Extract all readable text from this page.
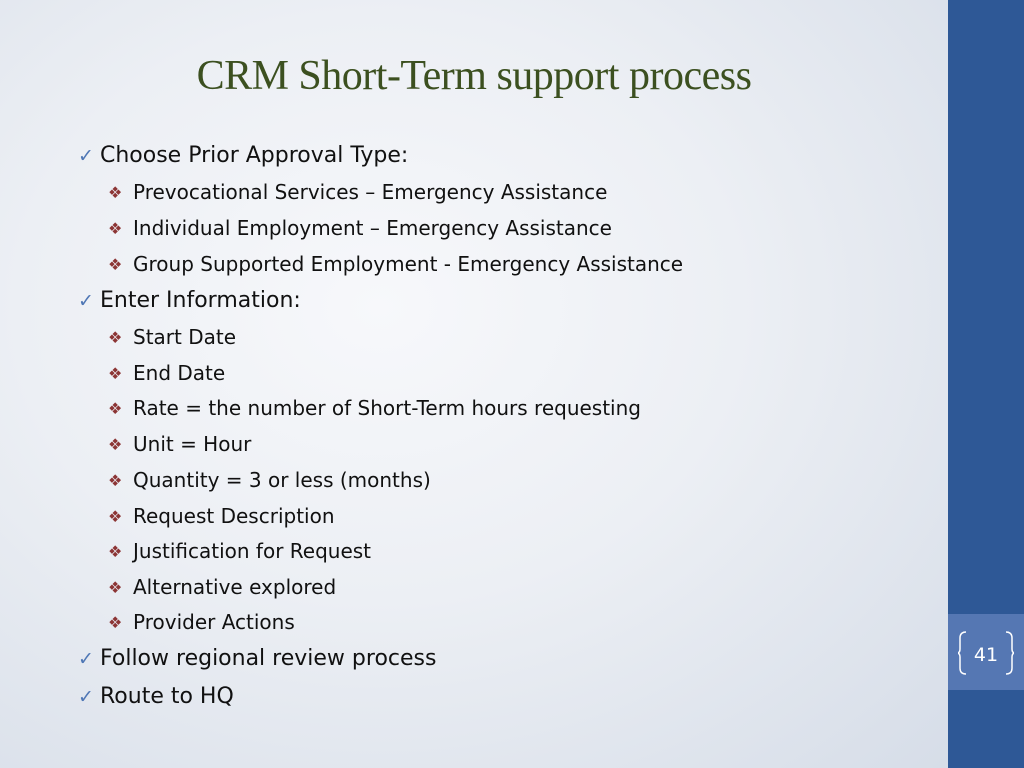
41
CRM Short-Term support process
✓ Choose Prior Approval Type:
❖ Prevocational Services – Emergency Assistance
❖ Individual Employment – Emergency Assistance
❖ Group Supported Employment - Emergency Assistance
✓ Enter Information:
❖ Start Date
❖ End Date
❖ Rate = the number of Short-Term hours requesting
❖ Unit = Hour
❖ Quantity = 3 or less (months)
❖ Request Description
❖ Justification for Request
❖ Alternative explored
❖ Provider Actions
✓ Follow regional review process
✓ Route to HQ
